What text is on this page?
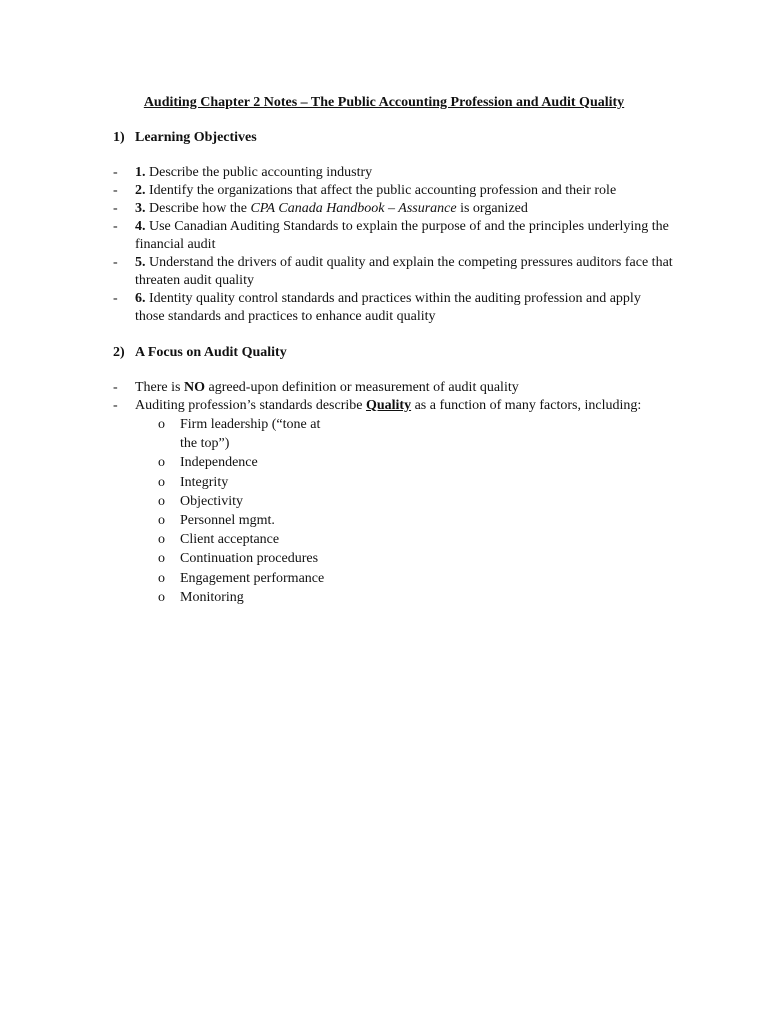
Auditing Chapter 2 Notes – The Public Accounting Profession and Audit Quality
1) Learning Objectives
- 1. Describe the public accounting industry
- 2. Identify the organizations that affect the public accounting profession and their role
- 3. Describe how the CPA Canada Handbook – Assurance is organized
- 4. Use Canadian Auditing Standards to explain the purpose of and the principles underlying the financial audit
- 5. Understand the drivers of audit quality and explain the competing pressures auditors face that threaten audit quality
- 6. Identity quality control standards and practices within the auditing profession and apply those standards and practices to enhance audit quality
2) A Focus on Audit Quality
- There is NO agreed-upon definition or measurement of audit quality
- Auditing profession’s standards describe Quality as a function of many factors, including:
o Firm leadership (“tone at the top”)
o Independence
o Integrity
o Objectivity
o Personnel mgmt.
o Client acceptance
o Continuation procedures
o Engagement performance
o Monitoring
